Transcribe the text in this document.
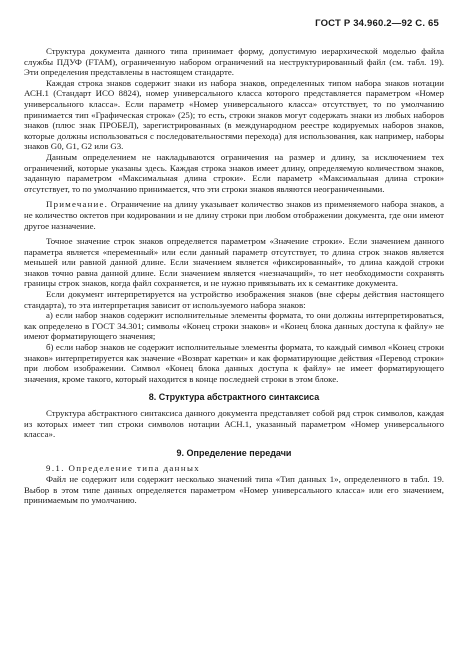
ГОСТ Р 34.960.2—92 С. 65

Структура документа данного типа принимает форму, допустимую иерархической моделью файла службы ПДУФ (FTAM), ограниченную набором ограничений на неструктурированный файл (см. табл. 19). Эти определения представлены в настоящем стандарте.

Каждая строка знаков содержит знаки из набора знаков, определенных типом набора знаков нотации АСН.1 (Стандарт ИСО 8824), номер универсального класса которого представляется параметром «Номер универсального класса». Если параметр «Номер универсального класса» отсутствует, то по умолчанию принимается тип «Графическая строка» (25); то есть, строки знаков могут содержать знаки из любых наборов знаков (плюс знак ПРОБЕЛ), зарегистрированных (в международном реестре кодируемых наборов знаков, которые должны использоваться с последовательностями перехода) для использования, как например, наборы знаков G0, G1, G2 или G3.

Данным определением не накладываются ограничения на размер и длину, за исключением тех ограничений, которые указаны здесь. Каждая строка знаков имеет длину, определяемую количеством знаков, заданную параметром «Максимальная длина строки». Если параметр «Максимальная длина строки» отсутствует, то по умолчанию принимается, что эти строки знаков являются неограниченными.

Примечание. Ограничение на длину указывает количество знаков из применяемого набора знаков, а не количество октетов при кодировании и не длину строки при любом отображении документа, где они имеют другое назначение.

Точное значение строк знаков определяется параметром «Значение строки». Если значением данного параметра является «переменный» или если данный параметр отсутствует, то длина строк знаков является меньшей или равной данной длине. Если значением является «фиксированный», то длина каждой строки знаков точно равна данной длине. Если значением является «незначащий», то нет необходимости сохранять границы строк знаков, когда файл сохраняется, и не нужно привязывать их к семантике документа.

Если документ интерпретируется на устройство изображения знаков (вне сферы действия настоящего стандарта), то эта интерпретация зависит от используемого набора знаков:

а) если набор знаков содержит исполнительные элементы формата, то они должны интерпретироваться, как определено в ГОСТ 34.301; символы «Конец строки знаков» и «Конец блока данных доступа к файлу» не имеют форматирующего значения;

б) если набор знаков не содержит исполнительные элементы формата, то каждый символ «Конец строки знаков» интерпретируется как значение «Возврат каретки» и как форматирующие действия «Перевод строки» при любом изображении. Символ «Конец блока данных доступа к файлу» не имеет форматирующего значения, кроме такого, который находится в конце последней строки в этом блоке.

8. Структура абстрактного синтаксиса

Структура абстрактного синтаксиса данного документа представляет собой ряд строк символов, каждая из которых имеет тип строки символов нотации АСН.1, указанный параметром «Номер универсального класса».

9. Определение передачи

9.1. Определение типа данных

Файл не содержит или содержит несколько значений типа «Тип данных 1», определенного в табл. 19. Выбор в этом типе данных определяется параметром «Номер универсального класса» или его значением, принимаемым по умолчанию.
